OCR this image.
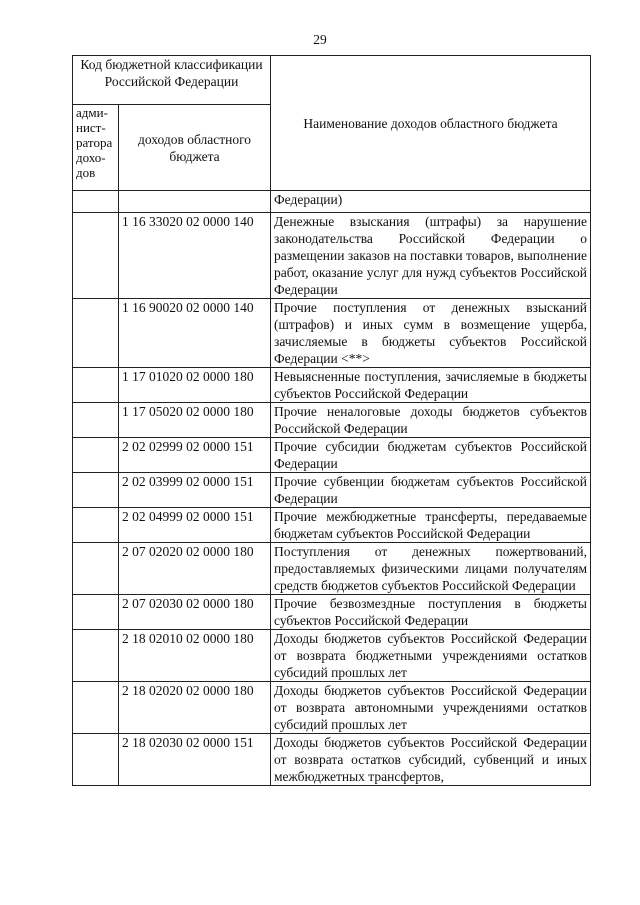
29
Код бюджетной классификации Российской Федерации		Наименование доходов областного бюджета
адми-нист-ратора дохо-дов	доходов областного бюджета	
		Федерации)
	1 16 33020 02 0000 140	Денежные взыскания (штрафы) за нарушение законодательства Российской Федерации о размещении заказов на поставки товаров, выполнение работ, оказание услуг для нужд субъектов Российской Федерации
	1 16 90020 02 0000 140	Прочие поступления от денежных взысканий (штрафов) и иных сумм в возмещение ущерба, зачисляемые в бюджеты субъектов Российской Федерации <**>
	1 17 01020 02 0000 180	Невыясненные поступления, зачисляемые в бюджеты субъектов Российской Федерации
	1 17 05020 02 0000 180	Прочие неналоговые доходы бюджетов субъектов Российской Федерации
	2 02 02999 02 0000 151	Прочие субсидии бюджетам субъектов Российской Федерации
	2 02 03999 02 0000 151	Прочие субвенции бюджетам субъектов Российской Федерации
	2 02 04999 02 0000 151	Прочие межбюджетные трансферты, передаваемые бюджетам субъектов Российской Федерации
	2 07 02020 02 0000 180	Поступления от денежных пожертвований, предоставляемых физическими лицами получателям средств бюджетов субъектов Российской Федерации
	2 07 02030 02 0000 180	Прочие безвозмездные поступления в бюджеты субъектов Российской Федерации
	2 18 02010 02 0000 180	Доходы бюджетов субъектов Российской Федерации от возврата бюджетными учреждениями остатков субсидий прошлых лет
	2 18 02020 02 0000 180	Доходы бюджетов субъектов Российской Федерации от возврата автономными учреждениями остатков субсидий прошлых лет
	2 18 02030 02 0000 151	Доходы бюджетов субъектов Российской Федерации от возврата остатков субсидий, субвенций и иных межбюджетных трансфертов,
